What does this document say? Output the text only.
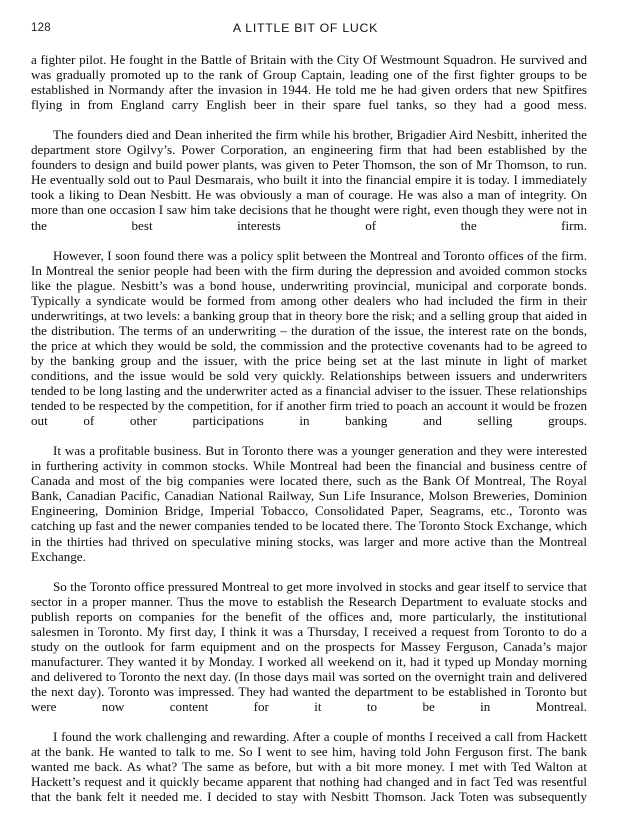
128	A LITTLE BIT OF LUCK

a fighter pilot. He fought in the Battle of Britain with the City Of Westmount Squadron. He survived and was gradually promoted up to the rank of Group Captain, leading one of the first fighter groups to be established in Normandy after the invasion in 1944. He told me he had given orders that new Spitfires flying in from England carry English beer in their spare fuel tanks, so they had a good mess.

The founders died and Dean inherited the firm while his brother, Brigadier Aird Nesbitt, inherited the department store Ogilvy’s. Power Corporation, an engineering firm that had been established by the founders to design and build power plants, was given to Peter Thomson, the son of Mr Thomson, to run. He eventually sold out to Paul Desmarais, who built it into the financial empire it is today. I immediately took a liking to Dean Nesbitt. He was obviously a man of courage. He was also a man of integrity. On more than one occasion I saw him take decisions that he thought were right, even though they were not in the best interests of the firm.

However, I soon found there was a policy split between the Montreal and Toronto offices of the firm. In Montreal the senior people had been with the firm during the depression and avoided common stocks like the plague. Nesbitt’s was a bond house, underwriting provincial, municipal and corporate bonds. Typically a syndicate would be formed from among other dealers who had included the firm in their underwritings, at two levels: a banking group that in theory bore the risk; and a selling group that aided in the distribution. The terms of an underwriting – the duration of the issue, the interest rate on the bonds, the price at which they would be sold, the commission and the protective covenants had to be agreed to by the banking group and the issuer, with the price being set at the last minute in light of market conditions, and the issue would be sold very quickly. Relationships between issuers and underwriters tended to be long lasting and the underwriter acted as a financial adviser to the issuer. These relationships tended to be respected by the competition, for if another firm tried to poach an account it would be frozen out of other participations in banking and selling groups.

It was a profitable business. But in Toronto there was a younger generation and they were interested in furthering activity in common stocks. While Montreal had been the financial and business centre of Canada and most of the big companies were located there, such as the Bank Of Montreal, The Royal Bank, Canadian Pacific, Canadian National Railway, Sun Life Insurance, Molson Breweries, Dominion Engineering, Dominion Bridge, Imperial Tobacco, Consolidated Paper, Seagrams, etc., Toronto was catching up fast and the newer companies tended to be located there. The Toronto Stock Exchange, which in the thirties had thrived on speculative mining stocks, was larger and more active than the Montreal Exchange.

So the Toronto office pressured Montreal to get more involved in stocks and gear itself to service that sector in a proper manner. Thus the move to establish the Research Department to evaluate stocks and publish reports on companies for the benefit of the offices and, more particularly, the institutional salesmen in Toronto. My first day, I think it was a Thursday, I received a request from Toronto to do a study on the outlook for farm equipment and on the prospects for Massey Ferguson, Canada’s major manufacturer. They wanted it by Monday. I worked all weekend on it, had it typed up Monday morning and delivered to Toronto the next day. (In those days mail was sorted on the overnight train and delivered the next day). Toronto was impressed. They had wanted the department to be established in Toronto but were now content for it to be in Montreal.

I found the work challenging and rewarding. After a couple of months I received a call from Hackett at the bank. He wanted to talk to me. So I went to see him, having told John Ferguson first. The bank wanted me back. As what? The same as before, but with a bit more money. I met with Ted Walton at Hackett’s request and it quickly became apparent that nothing had changed and in fact Ted was resentful that the bank felt it needed me. I decided to stay with Nesbitt Thomson. Jack Toten was subsequently
